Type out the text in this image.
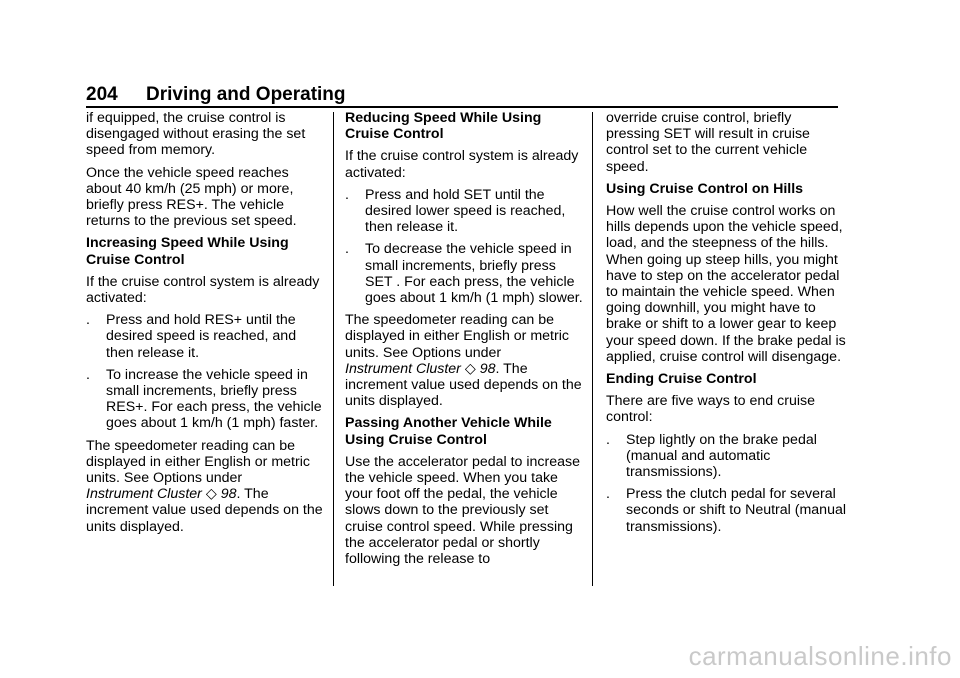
204 Driving and Operating

if equipped, the cruise control is disengaged without erasing the set speed from memory.

Once the vehicle speed reaches about 40 km/h (25 mph) or more, briefly press RES+. The vehicle returns to the previous set speed.

Increasing Speed While Using Cruise Control

If the cruise control system is already activated:

.	Press and hold RES+ until the desired speed is reached, and then release it.
.	To increase the vehicle speed in small increments, briefly press RES+. For each press, the vehicle goes about 1 km/h (1 mph) faster.

The speedometer reading can be displayed in either English or metric units. See Options under
Instrument Cluster ◇ 98. The increment value used depends on the units displayed.

Reducing Speed While Using Cruise Control

If the cruise control system is already activated:

.	Press and hold SET until the desired lower speed is reached, then release it.
.	To decrease the vehicle speed in small increments, briefly press SET . For each press, the vehicle goes about 1 km/h (1 mph) slower.

The speedometer reading can be displayed in either English or metric units. See Options under
Instrument Cluster ◇ 98. The increment value used depends on the units displayed.

Passing Another Vehicle While Using Cruise Control

Use the accelerator pedal to increase the vehicle speed. When you take your foot off the pedal, the vehicle slows down to the previously set cruise control speed. While pressing the accelerator pedal or shortly following the release to

override cruise control, briefly pressing SET will result in cruise control set to the current vehicle speed.

Using Cruise Control on Hills

How well the cruise control works on hills depends upon the vehicle speed, load, and the steepness of the hills. When going up steep hills, you might have to step on the accelerator pedal to maintain the vehicle speed. When going downhill, you might have to brake or shift to a lower gear to keep your speed down. If the brake pedal is applied, cruise control will disengage.

Ending Cruise Control

There are five ways to end cruise control:

.	Step lightly on the brake pedal (manual and automatic transmissions).
.	Press the clutch pedal for several seconds or shift to Neutral (manual transmissions).
carmanualsonline.info
